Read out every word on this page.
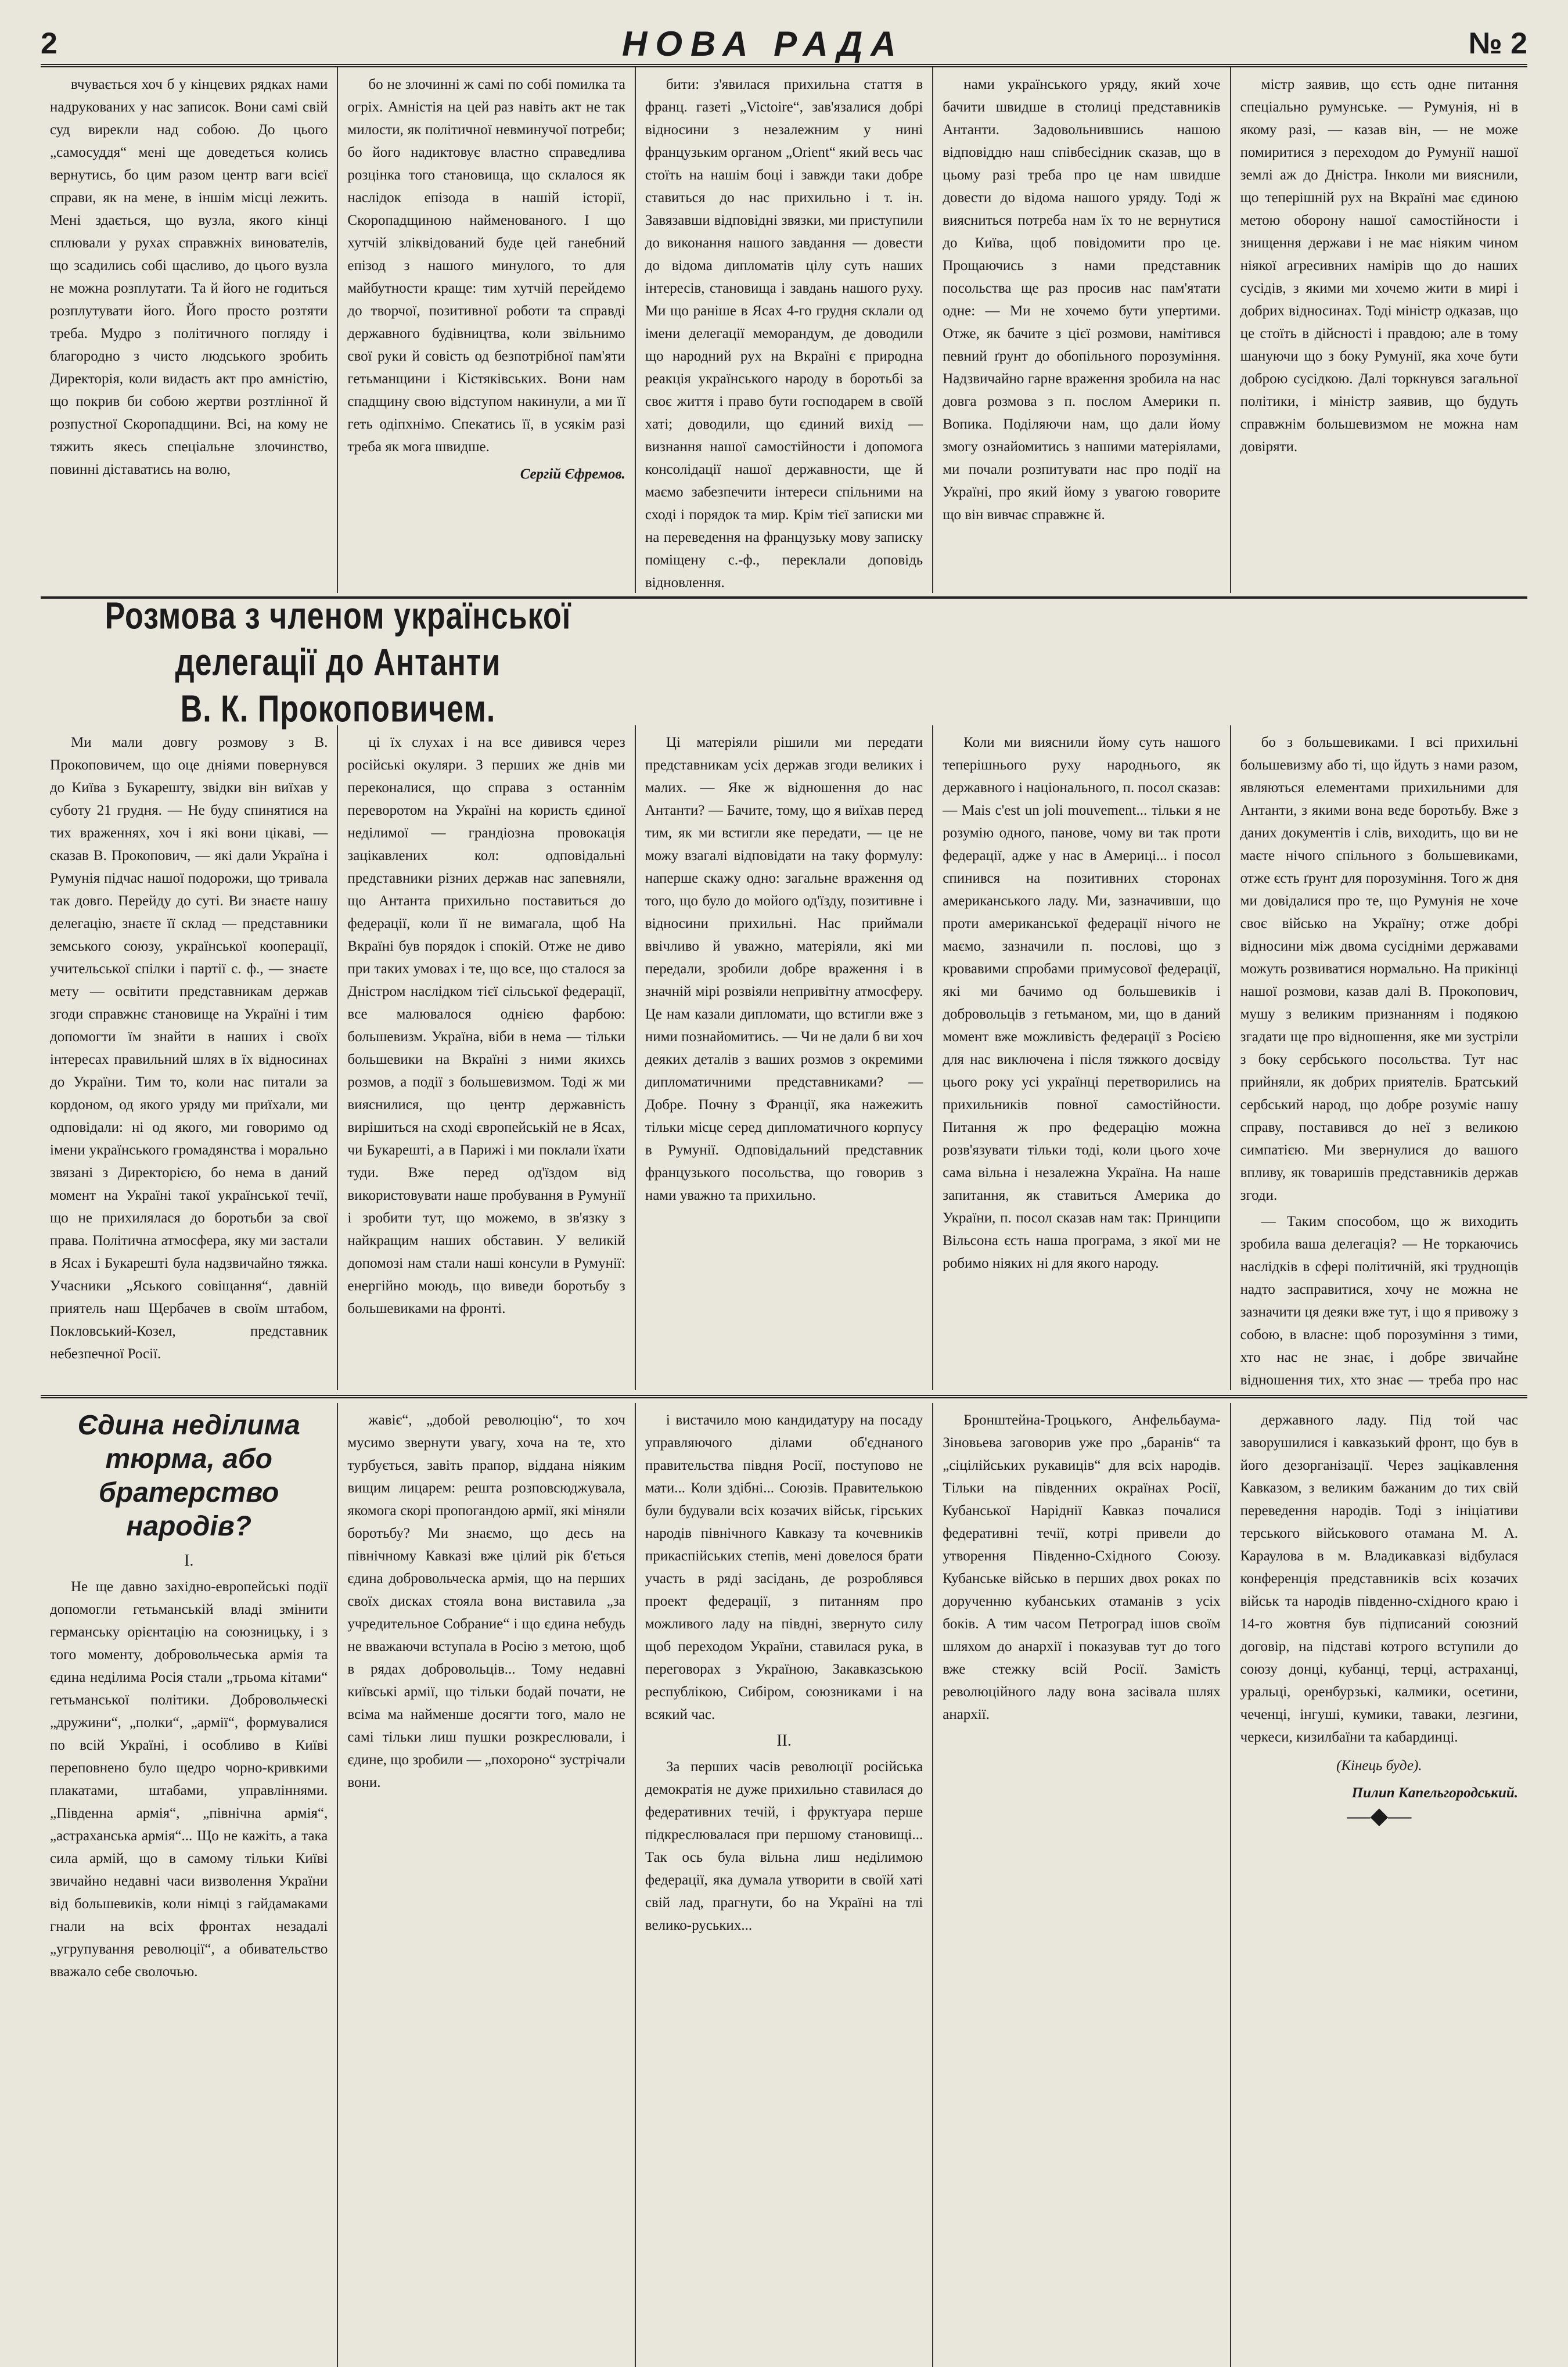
2	НОВА РАДА	№ 2

вчувається хоч б у кінцевих рядках нами надрукованих у нас записок. Вони самі свій суд вирекли над собою. До цього „самосуддя“ мені ще доведеться колись вернутись, бо цим разом центр ваги всієї справи, як на мене, в іншім місці лежить. Мені здається, що вузла, якого кінці сплювали у рухах справжніх винователів, що зсадились собі щасливо, до цього вузла не можна розплутати. Та й його не годиться розплутувати його. Його просто розтяти треба. Мудро з політичного погляду і благородно з чисто людського зробить Директорія, коли видасть акт про амністію, що покрив би собою жертви розтлінної й розпустної Скоропадщини. Всі, на кому не тяжить якесь спеціальне злочинство, повинні діставатись на волю,

бо не злочинні ж самі по собі помилка та огріх. Амністія на цей раз навіть акт не так милости, як політичної невминучої потреби; бо його надиктовує властно справедлива розцінка того становища, що склалося як наслідок епізода в нашій історії, Скоропадщиною найменованого. І що хутчій зліквідований буде цей ганебний епізод з нашого минулого, то для майбутности краще: тим хутчій перейдемо до творчої, позитивної роботи та справді державного будівництва, коли звільнимо свої руки й совість од безпотрібної пам'яти гетьманщини і Кістяківських. Вони нам спадщину свою відступом накинули, а ми її геть одіпхнімо. Спекатись її, в усякім разі треба як мога швидше.

Сергій Єфремов.

бити: з'явилася прихильна стаття в франц. газеті „Victoire“, зав'язалися добрі відносини з незалежним у нині французьким органом „Orient“ який весь час стоїть на нашім боці і завжди таки добре ставиться до нас прихильно і т. ін. Завязавши відповідні звязки, ми приступили до виконання нашого завдання — довести до відома дипломатів цілу суть наших інтересів, становища і завдань нашого руху. Ми що раніше в Ясах 4-го грудня склали од імени делегації меморандум, де доводили що народний рух на Вкраїні є природна реакція українського народу в боротьбі за своє життя і право бути господарем в своїй хаті; доводили, що єдиний вихід — визнання нашої самостійности і допомога консолідації нашої державности, ще й маємо забезпечити інтереси спільними на сході і порядок та мир. Крім тієї записки ми на переведення на французьку мову записку поміщену с.-ф., переклали доповідь відновлення.

нами українського уряду, який хоче бачити швидше в столиці представників Антанти. Задовольнившись нашою відповіддю наш співбесідник сказав, що в цьому разі треба про це нам швидше довести до відома нашого уряду. Тоді ж виясниться потреба нам їх то не вернутися до Київа, щоб повідомити про це. Прощаючись з нами представник посольства ще раз просив нас пам'ятати одне: — Ми не хочемо бути упертими. Отже, як бачите з цієї розмови, намітився певний ґрунт до обопільного порозуміння. Надзвичайно гарне враження зробила на нас довга розмова з п. послом Америки п. Вопика. Поділяючи нам, що дали йому змогу ознайомитись з нашими матеріялами, ми почали розпитувати нас про події на Україні, про який йому з увагою говорите що він вивчає справжнє й.

містр заявив, що єсть одне питання спеціально румунське. — Румунія, ні в якому разі, — казав він, — не може помиритися з переходом до Румунії нашої землі аж до Дністра. Інколи ми вияснили, що теперішній рух на Вкраїні має єдиною метою оборону нашої самостійности і знищення держави і не має ніяким чином ніякої агресивних намірів що до наших сусідів, з якими ми хочемо жити в мирі і добрих відносинах. Тоді міністр одказав, що це стоїть в дійсності і правдою; але в тому шануючи що з боку Румунії, яка хоче бути доброю сусідкою. Далі торкнувся загальної політики, і міністр заявив, що будуть справжнім большевизмом не можна нам довіряти.

Розмова з членом української делегації до Антанти
В. К. Прокоповичем.

Ми мали довгу розмову з В. Прокоповичем, що оце дніями повернувся до Київа з Букарешту, звідки він виїхав у суботу 21 грудня. — Не буду спинятися на тих враженнях, хоч і які вони цікаві, — сказав В. Прокопович, — які дали Україна і Румунія підчас нашої подорожи, що тривала так довго. Перейду до суті. Ви знаєте нашу делегацію, знаєте її склад — представники земського союзу, української кооперації, учительської спілки і партії с. ф., — знаєте мету — освітити представникам держав згоди справжнє становище на Україні і тим допомогти їм знайти в наших і своїх інтересах правильний шлях в їх відносинах до України. Тим то, коли нас питали за кордоном, од якого уряду ми приїхали, ми одповідали: ні од якого, ми говоримо од імени українського громадянства і морально звязані з Директорією, бо нема в даний момент на Україні такої української течії, що не прихилялася до боротьби за свої права. Політична атмосфера, яку ми застали в Ясах і Букарешті була надзвичайно тяжка. Учасники „Яського совіщання“, давній приятель наш Щербачев в своїм штабом, Покловський-Козел, представник небезпечної Росії.

ці їх слухах і на все дивився через російські окуляри. З перших же днів ми переконалися, що справа з останнім переворотом на Україні на користь єдиної неділимої — грандіозна провокація зацікавлених кол: одповідальні представники різних держав нас запевняли, що Антанта прихильно поставиться до федерації, коли її не вимагала, щоб На Вкраїні був порядок і спокій. Отже не диво при таких умовах і те, що все, що сталося за Дністром наслідком тієї сільської федерації, все малювалося однією фарбою: большевизм. Україна, віби в нема — тільки большевики на Вкраїні з ними якихсь розмов, а події з большевизмом. Тоді ж ми вияснилися, що центр державність вирішиться на сході європейській не в Ясах, чи Букарешті, а в Парижі і ми поклали їхати туди. Вже перед од'їздом від використовувати наше пробування в Румунії і зробити тут, що можемо, в зв'язку з найкращим наших обставин. У великій допомозі нам стали наші консули в Румунії: енергійно моюдь, що виведи боротьбу з большевиками на фронті.

Ці матеріяли рішили ми передати представникам усіх держав згоди великих і малих. — Яке ж відношення до нас Антанти? — Бачите, тому, що я виїхав перед тим, як ми встигли яке передати, — це не можу взагалі відповідати на таку формулу: наперше скажу одно: загальне враження од того, що було до мойого од'їзду, позитивне і відносини прихильні. Нас приймали ввічливо й уважно, матеріяли, які ми передали, зробили добре враження і в значній мірі розвіяли непривітну атмосферу. Це нам казали дипломати, що встигли вже з ними познайомитись. — Чи не дали б ви хоч деяких деталів з ваших розмов з окремими дипломатичними представниками? — Добре. Почну з Франції, яка нажежить тільки місце серед дипломатичного корпусу в Румунії. Одповідальний представник французького посольства, що говорив з нами уважно та прихильно.

Коли ми вияснили йому суть нашого теперішнього руху народнього, як державного і національного, п. посол сказав: — Mais c'est un joli mouvement... тільки я не розумію одного, панове, чому ви так проти федерації, адже у нас в Америці... і посол спинився на позитивних сторонах американського ладу. Ми, зазначивши, що проти американської федерації нічого не маємо, зазначили п. послові, що з кровавими спробами примусової федерації, які ми бачимо од большевиків і добровольців з гетьманом, ми, що в даний момент вже можливість федерації з Росією для нас виключена і після тяжкого досвіду цього року усі українці перетворились на прихильників повної самостійности. Питання ж про федерацію можна розв'язувати тільки тоді, коли цього хоче сама вільна і незалежна Україна. На наше запитання, як ставиться Америка до України, п. посол сказав нам так: Принципи Вільсона єсть наша програма, з якої ми не робимо ніяких ні для якого народу.

бо з большевиками. І всі прихильні большевизму або ті, що йдуть з нами разом, являються елементами прихильними для Антанти, з якими вона веде боротьбу. Вже з даних документів і слів, виходить, що ви не маєте нічого спільного з большевиками, отже єсть ґрунт для порозуміння. Того ж дня ми довідалися про те, що Румунія не хоче своє військо на Україну; отже добрі відносини між двома сусідніми державами можуть розвиватися нормально. На прикінці нашої розмови, казав далі В. Прокопович, мушу з великим признанням і подякою згадати ще про відношення, яке ми зустріли з боку сербського посольства. Тут нас прийняли, як добрих приятелів. Братський сербський народ, що добре розуміє нашу справу, поставився до неї з великою симпатією. Ми звернулися до вашого впливу, як товаришів представників держав згоди.

— Таким способом, що ж виходить зробила ваша делегація? — Не торкаючись наслідків в сфері політичній, які труднощів надто засправитися, хочу не можна не зазначити ця деяки вже тут, і що я привожу з собою, в власне: щоб порозуміння з тими, хто нас не знає, і добре звичайне відношення тих, хто знає — треба про нас

Єдина неділима тюрма, або братерство народів?
I.

Не ще давно західно-европейські події допомогли гетьманській владі змінити германську орієнтацію на союзницьку, і з того моменту, добровольчеська армія та єдина неділима Росія стали „трьома кітами“ гетьманської політики. Добровольческі „дружини“, „полки“, „армії“, формувалися по всій Україні, і особливо в Київі переповнено було щедро чорно-кривкими плакатами, штабами, управліннями. „Південна армія“, „північна армія“, „астраханська армія“... Що не кажіть, а така сила армій, що в самому тільки Київі звичайно недавні часи визволення України від большевиків, коли німці з гайдамаками гнали на всіх фронтах незадалі „угрупування революції“, а обивательство вважало себе сволочью.

жавіє“, „добой революцію“, то хоч мусимо звернути увагу, хоча на те, хто турбується, завіть прапор, віддана ніяким вищим лицарем: решта розповсюджувала, якомога скорі пропогандою армії, які міняли боротьбу? Ми знаємо, що десь на північному Кавказі вже цілий рік б'ється єдина добровольческа армія, що на перших своїх дисках стояла вона виставила „за учредительное Собрание“ і що єдина небудь не вважаючи вступала в Росію з метою, щоб в рядах добровольців... Тому недавні київські армії, що тільки бодай почати, не всіма ма найменше досягти того, мало не самі тільки лиш пушки розкреслювали, і єдине, що зробили — „похороно“ зустрічали вони.

і вистачило мою кандидатуру на посаду управляючого ділами об'єднаного правительства півдня Росії, поступово не мати... Коли здібні... Союзів. Правителькою були будували всіх козачих військ, гірських народів північного Кавказу та кочевників прикаспійських степів, мені довелося брати участь в ряді засідань, де розроблявся проект федерації, з питанням про можливого ладу на півдні, звернуто силу щоб переходом України, ставилася рука, в переговорах з Україною, Закавказською республікою, Сибіром, союзниками і на всякий час.

II.

За перших часів революції російська демократія не дуже прихильно ставилася до федеративних течій, і фруктуара перше підкреслювалася при першому становищі... Так ось була вільна лиш неділимою федерації, яка думала утворити в своїй хаті свій лад, прагнути, бо на Україні на тлі велико-руських...

Бронштейна-Троцького, Анфельбаума-Зіновьева заговорив уже про „баранів“ та „сіцілійських рукавиців“ для всіх народів. Тільки на південних окраїнах Росії, Кубанської Наріднії Кавказ почалися федеративні течії, котрі привели до утворення Південно-Східного Союзу. Кубанське військо в перших двох роках по дорученню кубанських отаманів з усіх боків. А тим часом Петроград ішов своїм шляхом до анархії і показував тут до того вже стежку всій Росії. Замість революційного ладу вона засівала шлях анархії.

державного ладу. Під той час заворушилися і кавказький фронт, що був в його дезорганізації. Через зацікавлення Кавказом, з великим бажаним до тих свій переведення народів. Тоді з ініціативи терського військового отамана М. А. Караулова в м. Владикавказі відбулася конференція представників всіх козачих військ та народів південно-східного краю і 14-го жовтня був підписаний союзний договір, на підставі котрого вступили до союзу донці, кубанці, терці, астраханці, уральці, оренбурзькі, калмики, осетини, чеченці, інгуші, кумики, таваки, лезгини, черкеси, кизилбаїни та кабардинці.

(Кінець буде).
Пилип Капельгородський.
—◆—
